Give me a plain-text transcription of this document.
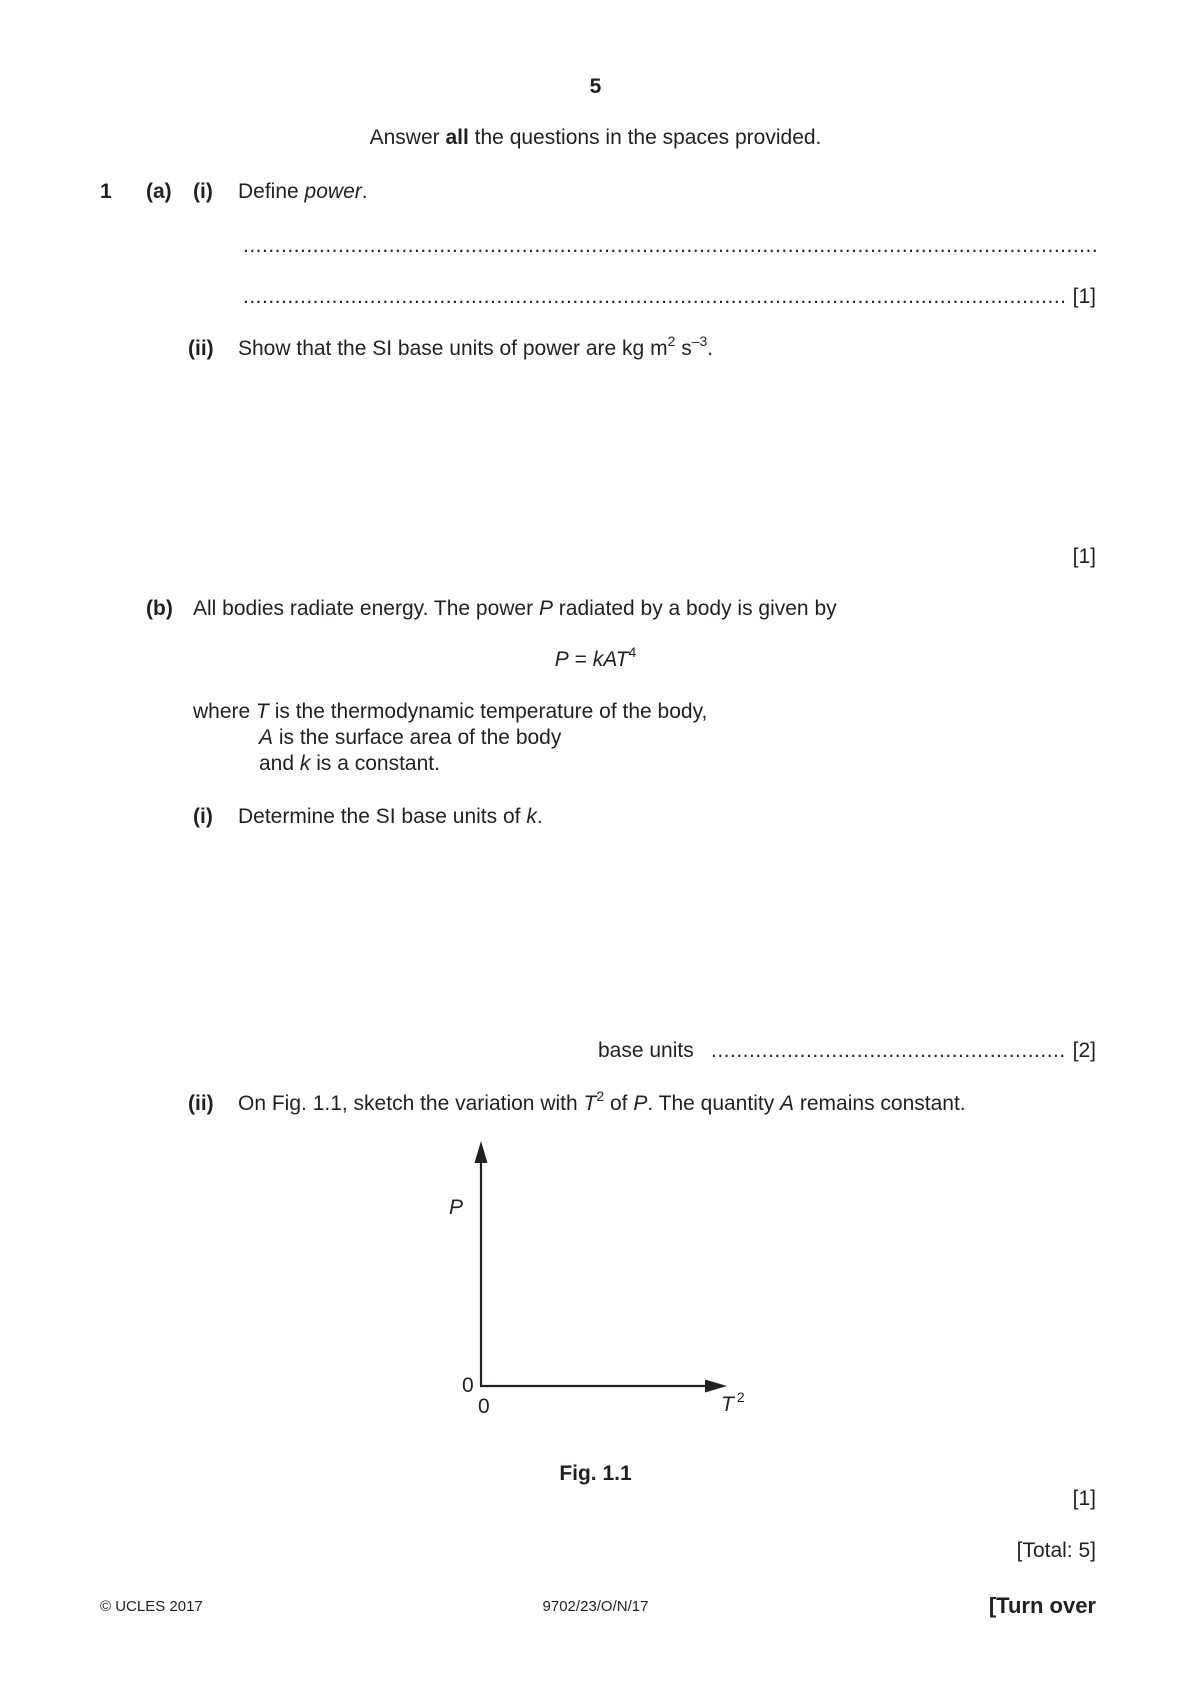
5
Answer all the questions in the spaces provided.
1 (a) (i) Define power.
.....
.....
[1]
(ii) Show that the SI base units of power are kg $m^2$ $s^{-3}$.
[1]
(b) All bodies radiate energy. The power P radiated by a body is given by
P = kAT$^4$
where T is the thermodynamic temperature of the body,
A is the surface area of the body
and k is a constant.
(i) Determine the SI base units of k.
base units
.....	[2]
(ii) On Fig. 1.1, sketch the variation with $T^2$ of P. The quantity A remains constant.
P
0
0	T $^2$
Fig. 1.1
[1]
[Total: 5]
© UCLES 2017	9702/23/O/N/17	[Turn over
